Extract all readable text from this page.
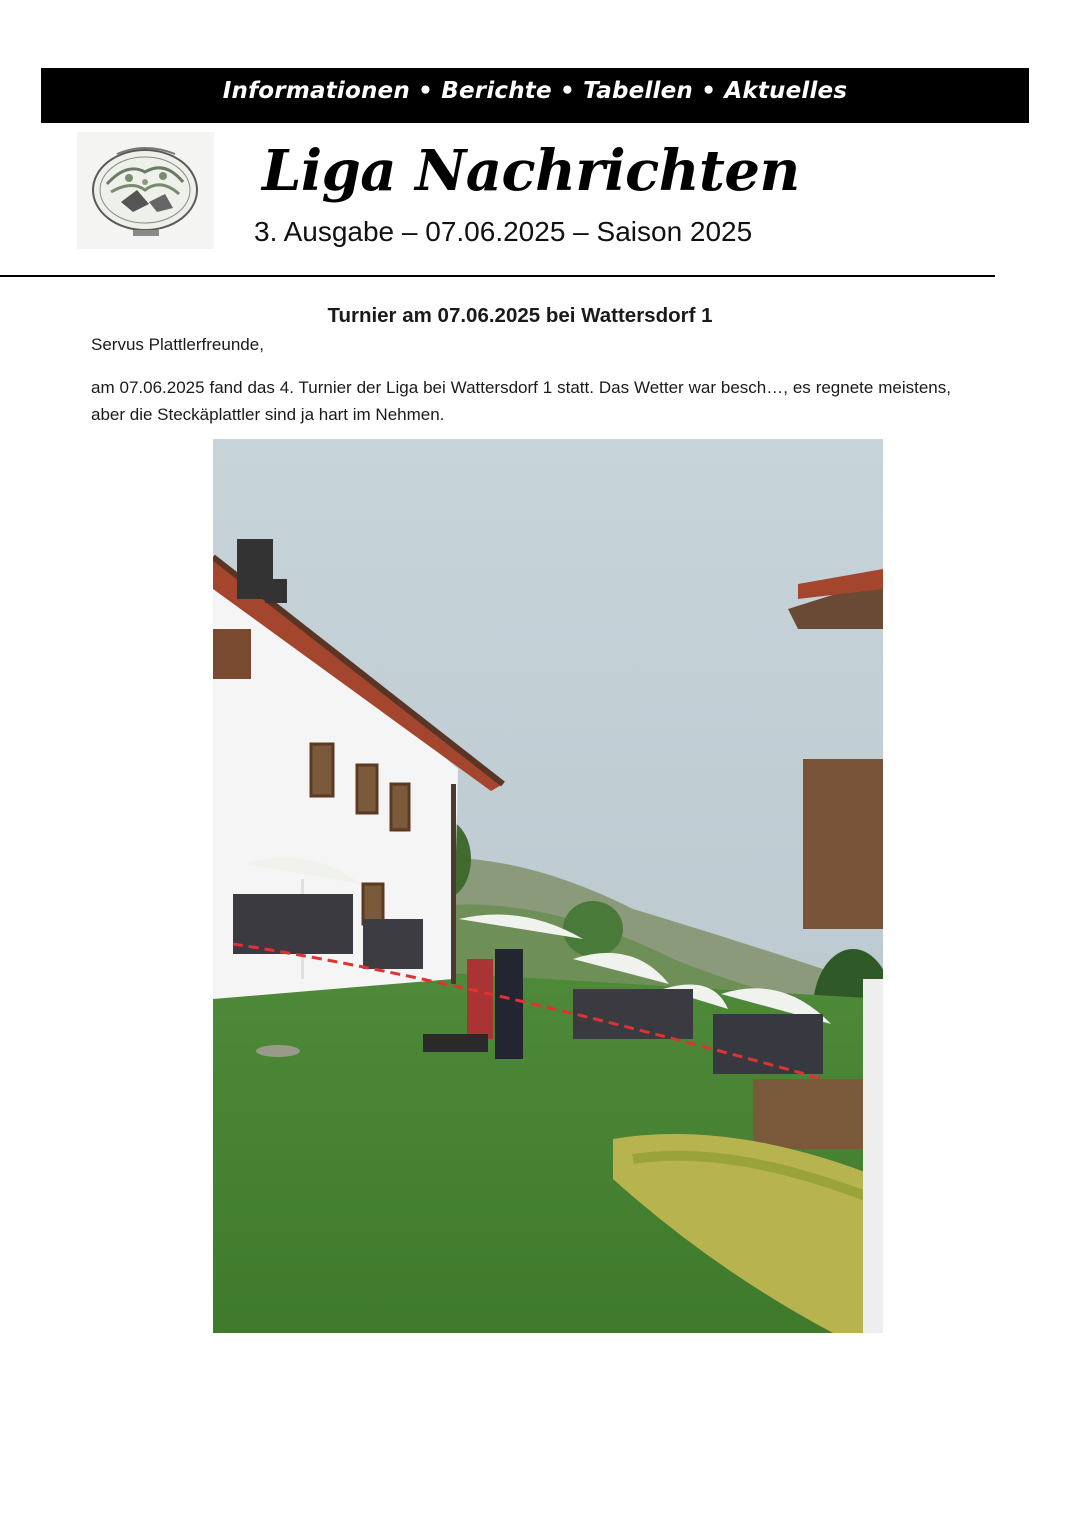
Informationen • Berichte • Tabellen • Aktuelles
Liga Nachrichten
3. Ausgabe – 07.06.2025 – Saison 2025
Turnier am 07.06.2025 bei Wattersdorf 1
Servus Plattlerfreunde,
am 07.06.2025 fand das 4. Turnier der Liga bei Wattersdorf 1 statt. Das Wetter war besch…, es regnete meistens, aber die Steckäplattler sind ja hart im Nehmen.
